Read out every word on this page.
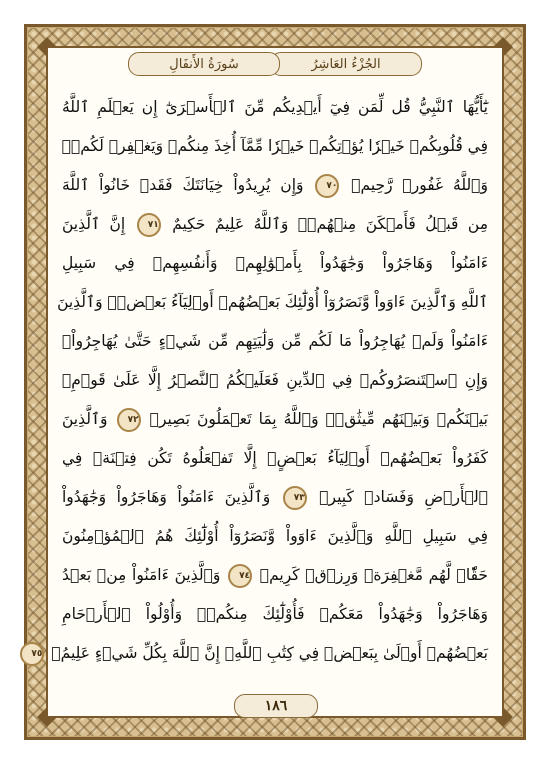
الجُزْءُ العَاشِرُ
سُورَةُ الأَنفَالِ
يَٰٓأَيُّهَا ٱلنَّبِيُّ قُل لِّمَن فِيٓ أَيۡدِيكُم مِّنَ ٱلۡأَسۡرَىٰٓ إِن يَعۡلَمِ ٱللَّهُ
فِي قُلُوبِكُمۡ خَيۡرٗا يُؤۡتِكُمۡ خَيۡرٗا مِّمَّآ أُخِذَ مِنكُمۡ وَيَغۡفِرۡ لَكُمۡۚ
وَٱللَّهُ غَفُورٞ رَّحِيمٞ ٧٠ وَإِن يُرِيدُواْ خِيَانَتَكَ فَقَدۡ خَانُواْ ٱللَّهَ
مِن قَبۡلُ فَأَمۡكَنَ مِنۡهُمۡۗ وَٱللَّهُ عَلِيمٌ حَكِيمٌ ٧١ إِنَّ ٱلَّذِينَ
ءَامَنُواْ وَهَاجَرُواْ وَجَٰهَدُواْ بِأَمۡوَٰلِهِمۡ وَأَنفُسِهِمۡ فِي سَبِيلِ
ٱللَّهِ وَٱلَّذِينَ ءَاوَواْ وَّنَصَرُوٓاْ أُوْلَٰٓئِكَ بَعۡضُهُمۡ أَوۡلِيَآءُ بَعۡضٖۚ وَٱلَّذِينَ
ءَامَنُواْ وَلَمۡ يُهَاجِرُواْ مَا لَكُم مِّن وَلَٰيَتِهِم مِّن شَيۡءٍ حَتَّىٰ يُهَاجِرُواْۚ
وَإِنِ ٱسۡتَنصَرُوكُمۡ فِي ٱلدِّينِ فَعَلَيۡكُمُ ٱلنَّصۡرُ إِلَّا عَلَىٰ قَوۡمِۭ
بَيۡنَكُمۡ وَبَيۡنَهُم مِّيثَٰقٞۗ وَٱللَّهُ بِمَا تَعۡمَلُونَ بَصِيرٞ ٧٢ وَٱلَّذِينَ
كَفَرُواْ بَعۡضُهُمۡ أَوۡلِيَآءُ بَعۡضٍۚ إِلَّا تَفۡعَلُوهُ تَكُن فِتۡنَةٞ فِي
ٱلۡأَرۡضِ وَفَسَادٞ كَبِيرٞ ٧٣ وَٱلَّذِينَ ءَامَنُواْ وَهَاجَرُواْ وَجَٰهَدُواْ
فِي سَبِيلِ ٱللَّهِ وَٱلَّذِينَ ءَاوَواْ وَّنَصَرُوٓاْ أُوْلَٰٓئِكَ هُمُ ٱلۡمُؤۡمِنُونَ
حَقّٗاۚ لَّهُم مَّغۡفِرَةٞ وَرِزۡقٞ كَرِيمٞ ٧٤ وَٱلَّذِينَ ءَامَنُواْ مِنۢ بَعۡدُ
وَهَاجَرُواْ وَجَٰهَدُواْ مَعَكُمۡ فَأُوْلَٰٓئِكَ مِنكُمۡۚ وَأُوْلُواْ ٱلۡأَرۡحَامِ
بَعۡضُهُمۡ أَوۡلَىٰ بِبَعۡضٖ فِي كِتَٰبِ ٱللَّهِۚ إِنَّ ٱللَّهَ بِكُلِّ شَيۡءٍ عَلِيمُۢ ٧٥
١٨٦
